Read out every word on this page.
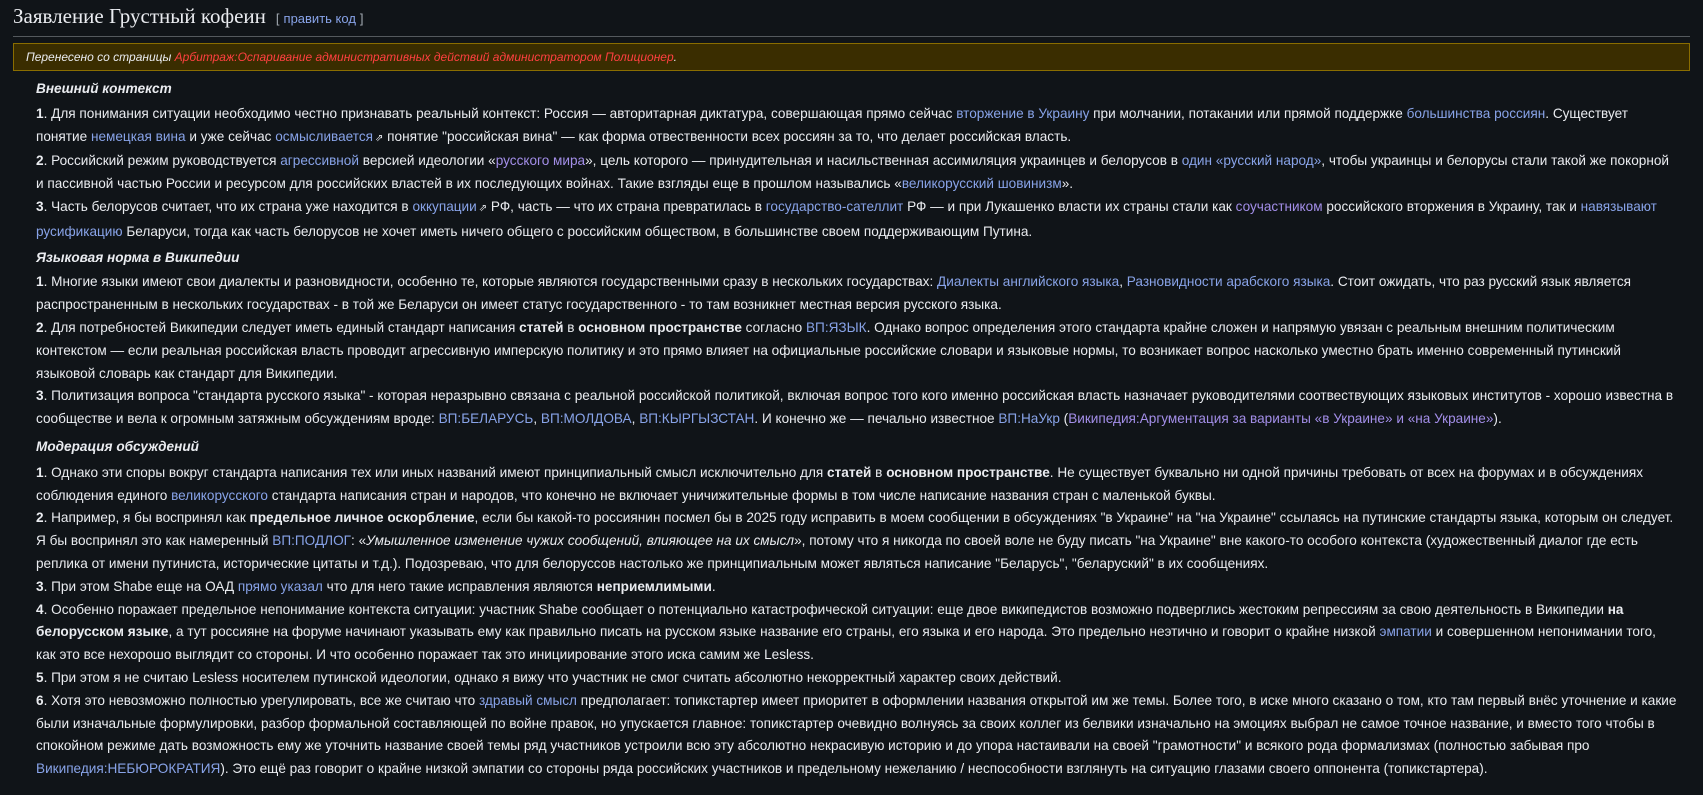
Заявление Грустный кофеин [ править код ]
Перенесено со страницы Арбитраж:Оспаривание административных действий администратором Полиционер.
Внешний контекст

1. Для понимания ситуации необходимо честно признавать реальный контекст: Россия — авторитарная диктатура, совершающая прямо сейчас вторжение в Украину при молчании, потакании или прямой поддержке большинства россиян. Существует понятие немецкая вина и уже сейчас осмысливается ⇗ понятие "российская вина" — как форма отвественности всех россиян за то, что делает российская власть.

2. Российский режим руководствуется агрессивной версией идеологии «русского мира», цель которого — принудительная и насильственная ассимиляция украинцев и белорусов в один «русский народ», чтобы украинцы и белорусы стали такой же покорной и пассивной частью России и ресурсом для российских властей в их последующих войнах. Такие взгляды еще в прошлом назывались «великорусский шовинизм».

3. Часть белорусов считает, что их страна уже находится в оккупации ⇗ РФ, часть — что их страна превратилась в государство-сателлит РФ — и при Лукашенко власти их страны стали как соучастником российского вторжения в Украину, так и навязывают русификацию Беларуси, тогда как часть белорусов не хочет иметь ничего общего с российским обществом, в большинстве своем поддерживающим Путина.

Языковая норма в Википедии

1. Многие языки имеют свои диалекты и разновидности, особенно те, которые являются государственными сразу в нескольких государствах: Диалекты английского языка, Разновидности арабского языка. Стоит ожидать, что раз русский язык является распространенным в нескольких государствах - в той же Беларуси он имеет статус государственного - то там возникнет местная версия русского языка.

2. Для потребностей Википедии следует иметь единый стандарт написания статей в основном пространстве согласно ВП:ЯЗЫК. Однако вопрос определения этого стандарта крайне сложен и напрямую увязан с реальным внешним политическим контекстом — если реальная российская власть проводит агрессивную имперскую политику и это прямо влияет на официальные российские словари и языковые нормы, то возникает вопрос насколько уместно брать именно современный путинский языковой словарь как стандарт для Википедии.

3. Политизация вопроса "стандарта русского языка" - которая неразрывно связана с реальной российской политикой, включая вопрос того кого именно российская власть назначает руководителями соотвествующих языковых институтов - хорошо известна в сообществе и вела к огромным затяжным обсуждениям вроде: ВП:БЕЛАРУСЬ, ВП:МОЛДОВА, ВП:КЫРГЫЗСТАН. И конечно же — печально известное ВП:НаУкр (Википедия:Аргументация за варианты «в Украине» и «на Украине»).

Модерация обсуждений

1. Однако эти споры вокруг стандарта написания тех или иных названий имеют принципиальный смысл исключительно для статей в основном пространстве. Не существует буквально ни одной причины требовать от всех на форумах и в обсуждениях соблюдения единого великорусского стандарта написания стран и народов, что конечно не включает уничижительные формы в том числе написание названия стран с маленькой буквы.

2. Например, я бы воспринял как предельное личное оскорбление, если бы какой-то россиянин посмел бы в 2025 году исправить в моем сообщении в обсуждениях "в Украине" на "на Украине" ссылаясь на путинские стандарты языка, которым он следует. Я бы воспринял это как намеренный ВП:ПОДЛОГ: «Умышленное изменение чужих сообщений, влияющее на их смысл», потому что я никогда по своей воле не буду писать "на Украине" вне какого-то особого контекста (художественный диалог где есть реплика от имени путиниста, исторические цитаты и т.д.). Подозреваю, что для белоруссов настолько же принципиальным может являться написание "Беларусь", "беларуский" в их сообщениях.

3. При этом Shabe еще на ОАД прямо указал что для него такие исправления являются неприемлимыми.

4. Особенно поражает предельное непонимание контекста ситуации: участник Shabe сообщает о потенциально катастрофической ситуации: еще двое википедистов возможно подверглись жестоким репрессиям за свою деятельность в Википедии на белорусском языке, а тут россияне на форуме начинают указывать ему как правильно писать на русском языке название его страны, его языка и его народа. Это предельно неэтично и говорит о крайне низкой эмпатии и совершенном непонимании того, как это все нехорошо выглядит со стороны. И что особенно поражает так это инициирование этого иска самим же Lesless.

5. При этом я не считаю Lesless носителем путинской идеологии, однако я вижу что участник не смог считать абсолютно некорректный характер своих действий.

6. Хотя это невозможно полностью урегулировать, все же считаю что здравый смысл предполагает: топикстартер имеет приоритет в оформлении названия открытой им же темы. Более того, в иске много сказано о том, кто там первый внёс уточнение и какие были изначальные формулировки, разбор формальной составляющей по войне правок, но упускается главное: топикстартер очевидно волнуясь за своих коллег из белвики изначально на эмоциях выбрал не самое точное название, и вместо того чтобы в спокойном режиме дать возможность ему же уточнить название своей темы ряд участников устроили всю эту абсолютно некрасивую историю и до упора настаивали на своей "грамотности" и всякого рода формализмах (полностью забывая про Википедия:НЕБЮРОКРАТИЯ). Это ещё раз говорит о крайне низкой эмпатии со стороны ряда российских участников и предельному нежеланию / неспособности взглянуть на ситуацию глазами своего оппонента (топикстартера).
